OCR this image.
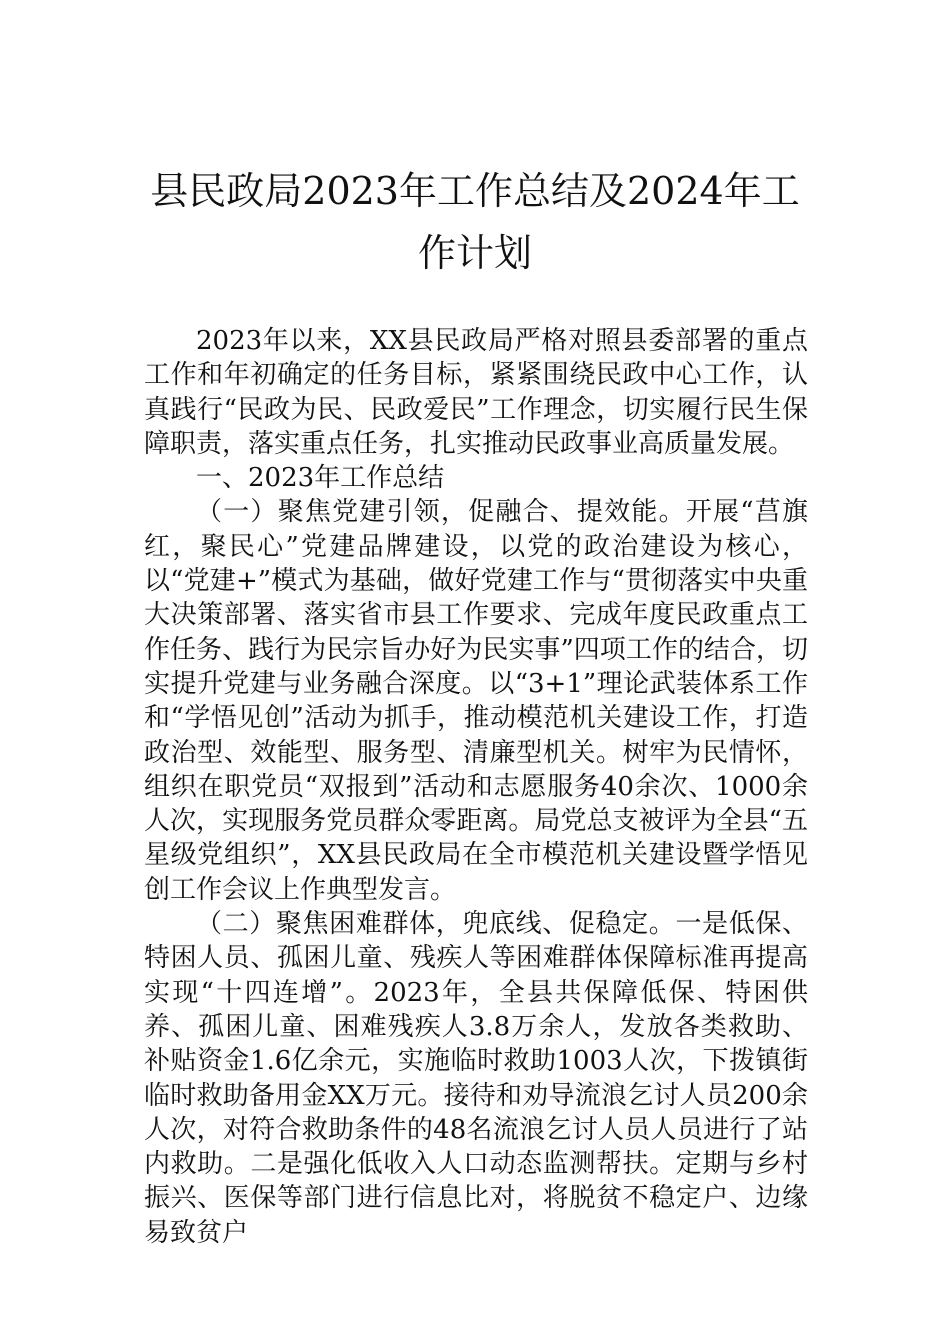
县民政局2023年工作总结及2024年工作计划

2023年以来，XX县民政局严格对照县委部署的重点工作和年初确定的任务目标，紧紧围绕民政中心工作，认真践行“民政为民、民政爱民”工作理念，切实履行民生保障职责，落实重点任务，扎实推动民政事业高质量发展。

一、2023年工作总结

（一）聚焦党建引领，促融合、提效能。开展“莒旗红，聚民心”党建品牌建设，以党的政治建设为核心，以“党建+”模式为基础，做好党建工作与“贯彻落实中央重大决策部署、落实省市县工作要求、完成年度民政重点工作任务、践行为民宗旨办好为民实事”四项工作的结合，切实提升党建与业务融合深度。以“3+1”理论武装体系工作和“学悟见创”活动为抓手，推动模范机关建设工作，打造政治型、效能型、服务型、清廉型机关。树牢为民情怀，组织在职党员“双报到”活动和志愿服务40余次、1000余人次，实现服务党员群众零距离。局党总支被评为全县“五星级党组织”，XX县民政局在全市模范机关建设暨学悟见创工作会议上作典型发言。

（二）聚焦困难群体，兜底线、促稳定。一是低保、特困人员、孤困儿童、残疾人等困难群体保障标准再提高实现“十四连增”。2023年，全县共保障低保、特困供养、孤困儿童、困难残疾人3.8万余人，发放各类救助、补贴资金1.6亿余元，实施临时救助1003人次，下拨镇街临时救助备用金XX万元。接待和劝导流浪乞讨人员200余人次，对符合救助条件的48名流浪乞讨人员人员进行了站内救助。二是强化低收入人口动态监测帮扶。定期与乡村振兴、医保等部门进行信息比对，将脱贫不稳定户、边缘易致贫户
